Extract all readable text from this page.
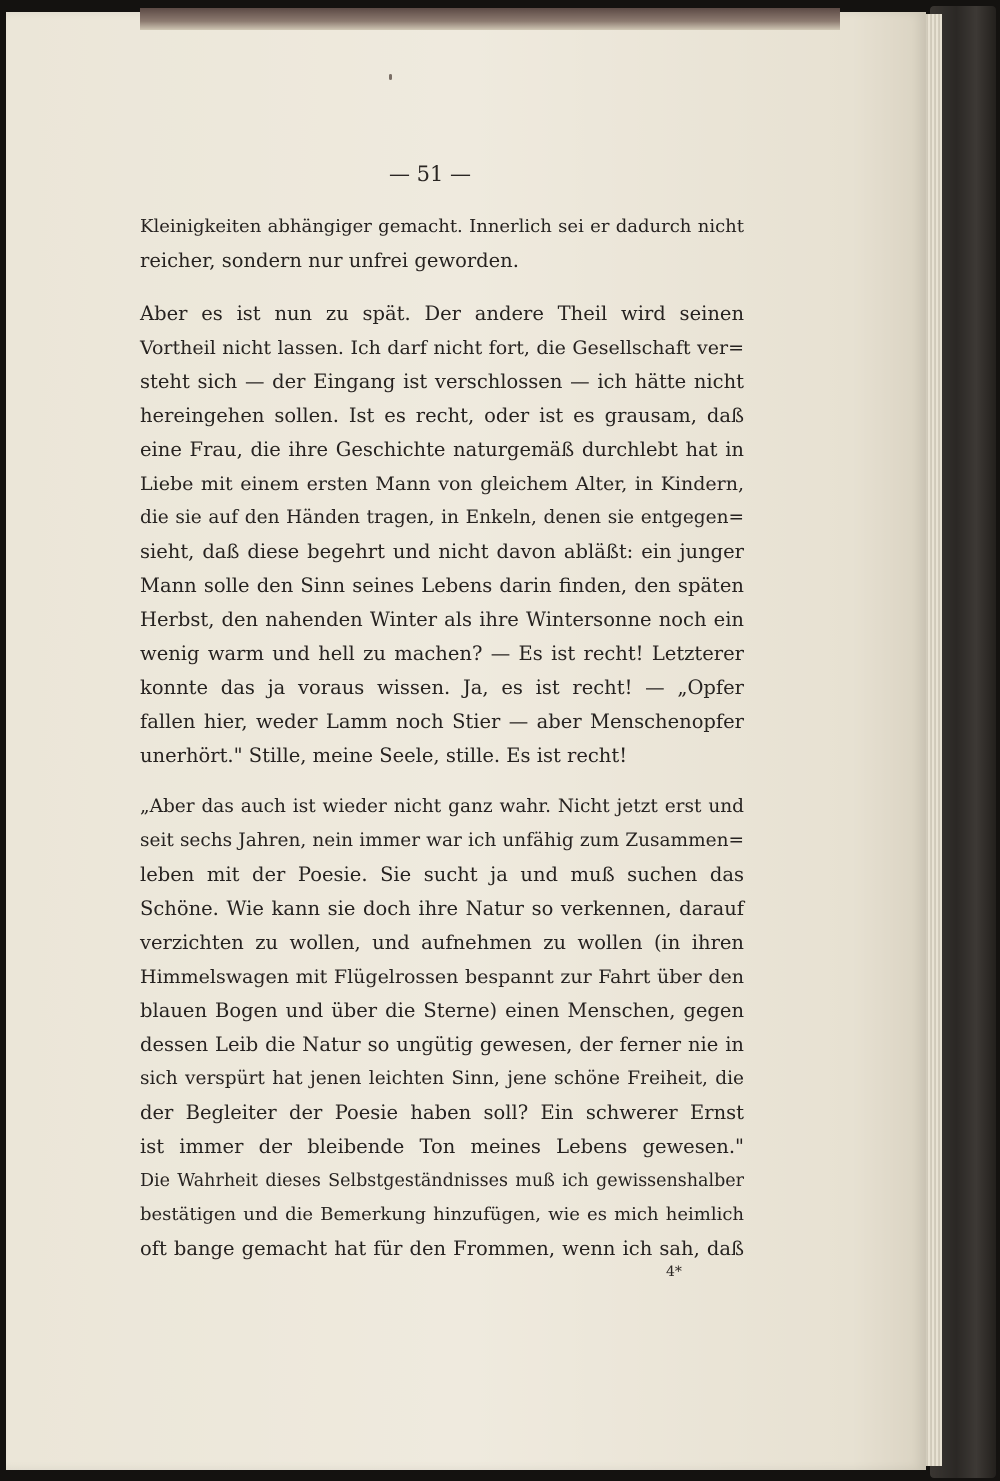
— 51 —
Kleinigkeiten abhängiger gemacht. Innerlich sei er dadurch nicht
reicher, sondern nur unfrei geworden.
Aber es ist nun zu spät. Der andere Theil wird seinen
Vortheil nicht lassen. Ich darf nicht fort, die Gesellschaft ver=
steht sich — der Eingang ist verschlossen — ich hätte nicht
hereingehen sollen. Ist es recht, oder ist es grausam, daß
eine Frau, die ihre Geschichte naturgemäß durchlebt hat in
Liebe mit einem ersten Mann von gleichem Alter, in Kindern,
die sie auf den Händen tragen, in Enkeln, denen sie entgegen=
sieht, daß diese begehrt und nicht davon abläßt: ein junger
Mann solle den Sinn seines Lebens darin finden, den späten
Herbst, den nahenden Winter als ihre Wintersonne noch ein
wenig warm und hell zu machen? — Es ist recht! Letzterer
konnte das ja voraus wissen. Ja, es ist recht! — „Opfer
fallen hier, weder Lamm noch Stier — aber Menschenopfer
unerhört." Stille, meine Seele, stille. Es ist recht!
„Aber das auch ist wieder nicht ganz wahr. Nicht jetzt erst und
seit sechs Jahren, nein immer war ich unfähig zum Zusammen=
leben mit der Poesie. Sie sucht ja und muß suchen das
Schöne. Wie kann sie doch ihre Natur so verkennen, darauf
verzichten zu wollen, und aufnehmen zu wollen (in ihren
Himmelswagen mit Flügelrossen bespannt zur Fahrt über den
blauen Bogen und über die Sterne) einen Menschen, gegen
dessen Leib die Natur so ungütig gewesen, der ferner nie in
sich verspürt hat jenen leichten Sinn, jene schöne Freiheit, die
der Begleiter der Poesie haben soll? Ein schwerer Ernst
ist immer der bleibende Ton meines Lebens gewesen."
Die Wahrheit dieses Selbstgeständnisses muß ich gewissenshalber
bestätigen und die Bemerkung hinzufügen, wie es mich heimlich
oft bange gemacht hat für den Frommen, wenn ich sah, daß
4*
